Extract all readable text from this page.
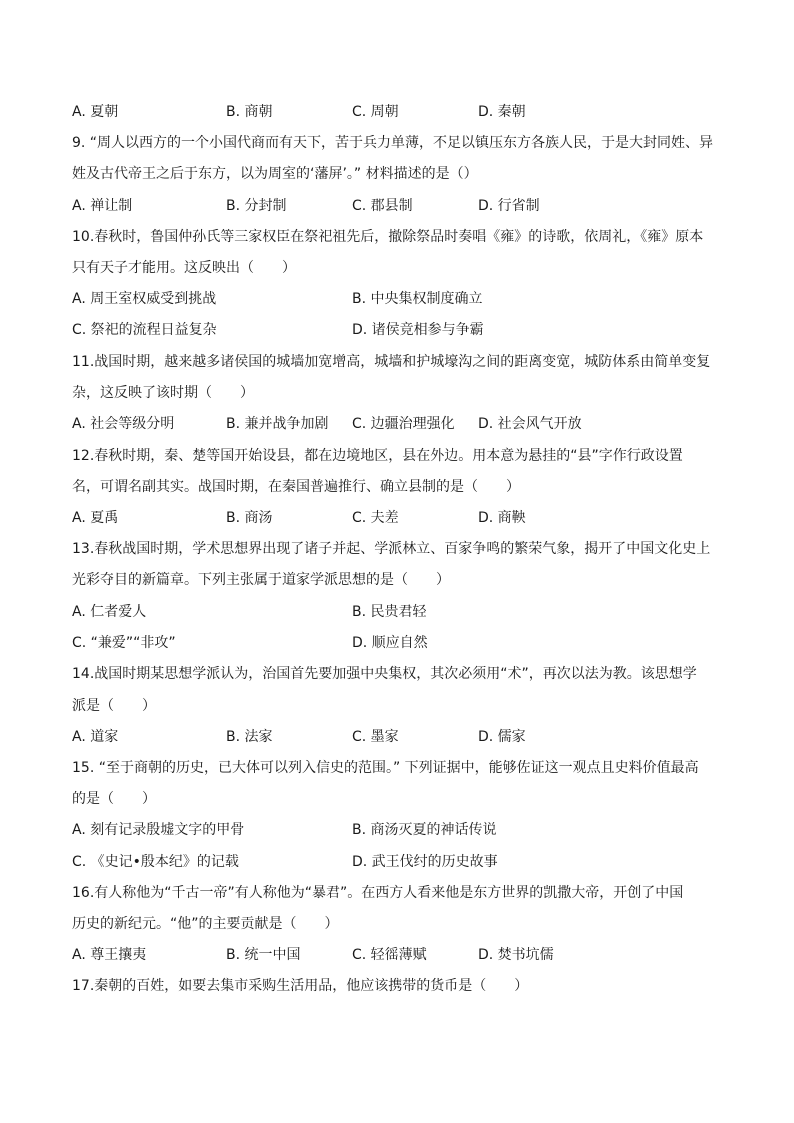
A. 夏朝	B. 商朝	C. 周朝	D. 秦朝
9. “周人以西方的一个小国代商而有天下，苦于兵力单薄，不足以镇压东方各族人民，于是大封同姓、异
姓及古代帝王之后于东方，以为周室的‘藩屏’。” 材料描述的是（）
A. 禅让制	B. 分封制	C. 郡县制	D. 行省制
10.春秋时，鲁国仲孙氏等三家权臣在祭祀祖先后，撤除祭品时奏唱《雍》的诗歌，依周礼，《雍》原本
只有天子才能用。这反映出（　　）
A. 周王室权威受到挑战	B. 中央集权制度确立
C. 祭祀的流程日益复杂	D. 诸侯竞相参与争霸
11.战国时期，越来越多诸侯国的城墙加宽增高，城墙和护城壕沟之间的距离变宽，城防体系由简单变复
杂，这反映了该时期（　　）
A. 社会等级分明	B. 兼并战争加剧 C. 边疆治理强化 D. 社会风气开放
12.春秋时期，秦、楚等国开始设县，都在边境地区，县在外边。用本意为悬挂的“县”字作行政设置
名，可谓名副其实。战国时期，在秦国普遍推行、确立县制的是（　　）
A. 夏禹	B. 商汤	C. 夫差	D. 商鞅
13.春秋战国时期，学术思想界出现了诸子并起、学派林立、百家争鸣的繁荣气象，揭开了中国文化史上
光彩夺目的新篇章。下列主张属于道家学派思想的是（　　）
A. 仁者爱人	B. 民贵君轻
C. “兼爱”“非攻”	D. 顺应自然
14.战国时期某思想学派认为，治国首先要加强中央集权，其次必须用“术”，再次以法为教。该思想学
派是（　　）
A. 道家	B. 法家	C. 墨家	D. 儒家
15. “至于商朝的历史，已大体可以列入信史的范围。” 下列证据中，能够佐证这一观点且史料价值最高
的是（　　）
A. 刻有记录殷墟文字的甲骨	B. 商汤灭夏的神话传说
C. 《史记•殷本纪》的记载	D. 武王伐纣的历史故事
16.有人称他为“千古一帝”有人称他为“暴君”。在西方人看来他是东方世界的凯撒大帝，开创了中国
历史的新纪元。“他”的主要贡献是（　　）
A. 尊王攘夷	B. 统一中国	C. 轻徭薄赋	D. 焚书坑儒
17.秦朝的百姓，如要去集市采购生活用品，他应该携带的货币是（　　）
